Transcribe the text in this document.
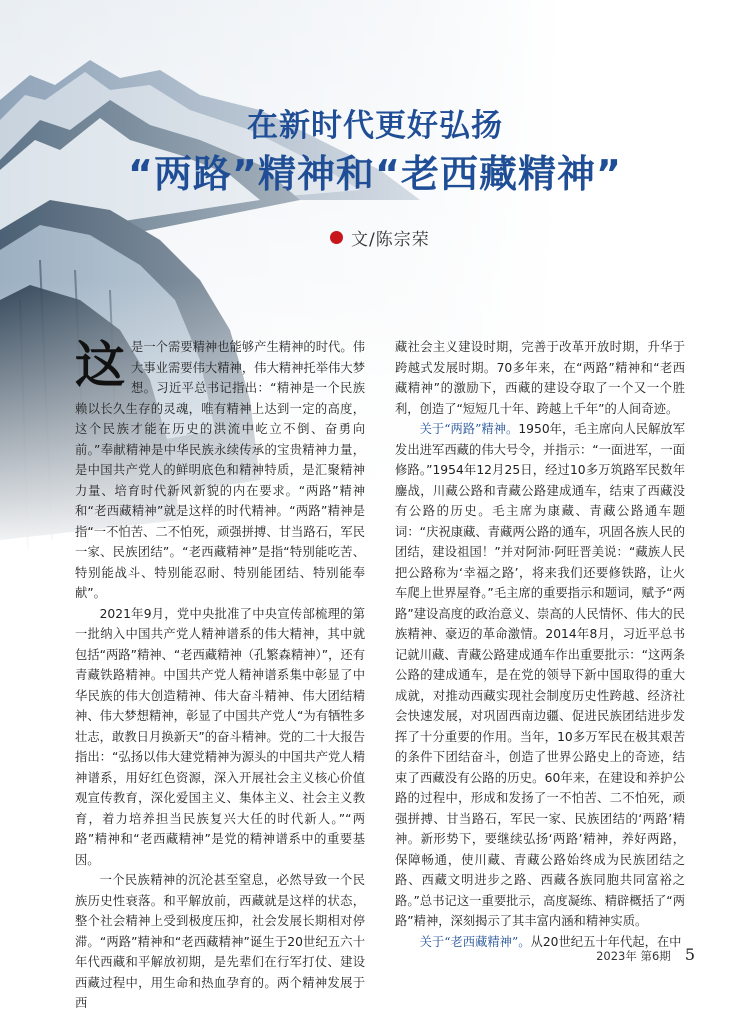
在新时代更好弘扬
“两路”精神和“老西藏精神”
文/陈宗荣

这是一个需要精神也能够产生精神的时代。伟大事业需要伟大精神，伟大精神托举伟大梦想。习近平总书记指出：“精神是一个民族赖以长久生存的灵魂，唯有精神上达到一定的高度，这个民族才能在历史的洪流中屹立不倒、奋勇向前。”奉献精神是中华民族永续传承的宝贵精神力量，是中国共产党人的鲜明底色和精神特质，是汇聚精神力量、培育时代新风新貌的内在要求。“两路”精神和“老西藏精神”就是这样的时代精神。“两路”精神是指“一不怕苦、二不怕死，顽强拼搏、甘当路石，军民一家、民族团结”。“老西藏精神”是指“特别能吃苦、特别能战斗、特别能忍耐、特别能团结、特别能奉献”。

2021年9月，党中央批准了中央宣传部梳理的第一批纳入中国共产党人精神谱系的伟大精神，其中就包括“两路”精神、“老西藏精神（孔繁森精神）”，还有青藏铁路精神。中国共产党人精神谱系集中彰显了中华民族的伟大创造精神、伟大奋斗精神、伟大团结精神、伟大梦想精神，彰显了中国共产党人“为有牺牲多壮志，敢教日月换新天”的奋斗精神。党的二十大报告指出：“弘扬以伟大建党精神为源头的中国共产党人精神谱系，用好红色资源，深入开展社会主义核心价值观宣传教育，深化爱国主义、集体主义、社会主义教育，着力培养担当民族复兴大任的时代新人。”“两路”精神和“老西藏精神”是党的精神谱系中的重要基因。

一个民族精神的沉沦甚至窒息，必然导致一个民族历史性衰落。和平解放前，西藏就是这样的状态，整个社会精神上受到极度压抑，社会发展长期相对停滞。“两路”精神和“老西藏精神”诞生于20世纪五六十年代西藏和平解放初期，是先辈们在行军打仗、建设西藏过程中，用生命和热血孕育的。两个精神发展于西

藏社会主义建设时期，完善于改革开放时期，升华于跨越式发展时期。70多年来，在“两路”精神和“老西藏精神”的激励下，西藏的建设夺取了一个又一个胜利，创造了“短短几十年、跨越上千年”的人间奇迹。

关于“两路”精神。1950年，毛主席向人民解放军发出进军西藏的伟大号令，并指示：“一面进军，一面修路。”1954年12月25日，经过10多万筑路军民数年鏖战，川藏公路和青藏公路建成通车，结束了西藏没有公路的历史。毛主席为康藏、青藏公路通车题词：“庆祝康藏、青藏两公路的通车，巩固各族人民的团结，建设祖国！”并对阿沛·阿旺晋美说：“藏族人民把公路称为‘幸福之路’，将来我们还要修铁路，让火车爬上世界屋脊。”毛主席的重要指示和题词，赋予“两路”建设高度的政治意义、崇高的人民情怀、伟大的民族精神、豪迈的革命激情。2014年8月，习近平总书记就川藏、青藏公路建成通车作出重要批示：“这两条公路的建成通车，是在党的领导下新中国取得的重大成就，对推动西藏实现社会制度历史性跨越、经济社会快速发展，对巩固西南边疆、促进民族团结进步发挥了十分重要的作用。当年，10多万军民在极其艰苦的条件下团结奋斗，创造了世界公路史上的奇迹，结束了西藏没有公路的历史。60年来，在建设和养护公路的过程中，形成和发扬了一不怕苦、二不怕死，顽强拼搏、甘当路石，军民一家、民族团结的‘两路’精神。新形势下，要继续弘扬‘两路’精神，养好两路，保障畅通，使川藏、青藏公路始终成为民族团结之路、西藏文明进步之路、西藏各族同胞共同富裕之路。”总书记这一重要批示，高度凝练、精辟概括了“两路”精神，深刻揭示了其丰富内涵和精神实质。

关于“老西藏精神”。从20世纪五十年代起，在中

2023年 第6期 5
